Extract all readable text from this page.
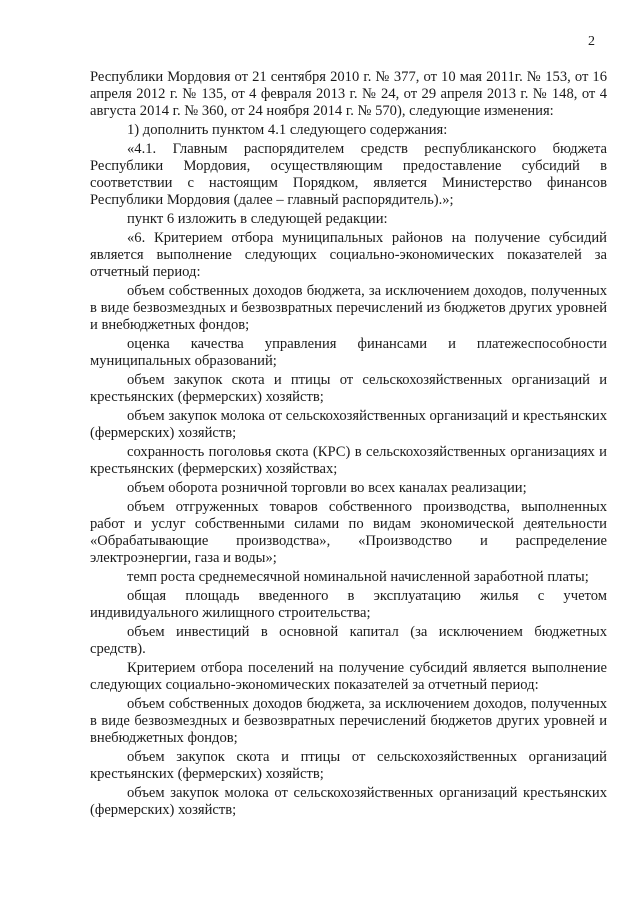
2

Республики Мордовия от 21 сентября 2010 г. № 377, от 10 мая 2011г. № 153, от 16 апреля 2012 г. № 135, от 4 февраля 2013 г. № 24, от 29 апреля 2013 г. № 148, от 4 августа 2014 г. № 360, от 24 ноября 2014 г. № 570), следующие изменения:

1) дополнить пунктом 4.1 следующего содержания:

«4.1. Главным распорядителем средств республиканского бюджета Республики Мордовия, осуществляющим предоставление субсидий в соответствии с настоящим Порядком, является Министерство финансов Республики Мордовия (далее – главный распорядитель).»;

пункт 6 изложить в следующей редакции:

«6. Критерием отбора муниципальных районов на получение субсидий является выполнение следующих социально-экономических показателей за отчетный период:

объем собственных доходов бюджета, за исключением доходов, полученных в виде безвозмездных и безвозвратных перечислений из бюджетов других уровней и внебюджетных фондов;

оценка качества управления финансами и платежеспособности муниципальных образований;

объем закупок скота и птицы от сельскохозяйственных организаций и крестьянских (фермерских) хозяйств;

объем закупок молока от сельскохозяйственных организаций и крестьянских (фермерских) хозяйств;

сохранность поголовья скота (КРС) в сельскохозяйственных организациях и крестьянских (фермерских) хозяйствах;

объем оборота розничной торговли во всех каналах реализации;

объем отгруженных товаров собственного производства, выполненных работ и услуг собственными силами по видам экономической деятельности «Обрабатывающие производства», «Производство и распределение электроэнергии, газа и воды»;

темп роста среднемесячной номинальной начисленной заработной платы;

общая площадь введенного в эксплуатацию жилья с учетом индивидуального жилищного строительства;

объем инвестиций в основной капитал (за исключением бюджетных средств).

Критерием отбора поселений на получение субсидий является выполнение следующих социально-экономических показателей за отчетный период:

объем собственных доходов бюджета, за исключением доходов, полученных в виде безвозмездных и безвозвратных перечислений бюджетов других уровней и внебюджетных фондов;

объем закупок скота и птицы от сельскохозяйственных организаций крестьянских (фермерских) хозяйств;

объем закупок молока от сельскохозяйственных организаций крестьянских (фермерских) хозяйств;
